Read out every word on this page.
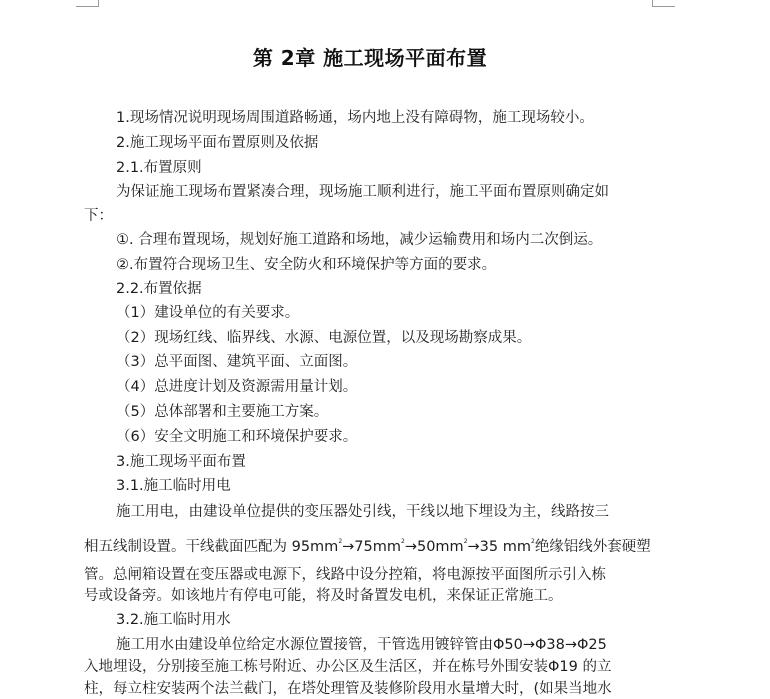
第 2章 施工现场平面布置
1.现场情况说明现场周围道路畅通，场内地上没有障碍物，施工现场较小。
2.施工现场平面布置原则及依据
2.1.布置原则
为保证施工现场布置紧凑合理，现场施工顺利进行，施工平面布置原则确定如
下：
①. 合理布置现场，规划好施工道路和场地，减少运输费用和场内二次倒运。
②.布置符合现场卫生、安全防火和环境保护等方面的要求。
2.2.布置依据
（1）建设单位的有关要求。
（2）现场红线、临界线、水源、电源位置，以及现场勘察成果。
（3）总平面图、建筑平面、立面图。
（4）总进度计划及资源需用量计划。
（5）总体部署和主要施工方案。
（6）安全文明施工和环境保护要求。
3.施工现场平面布置
3.1.施工临时用电
施工用电，由建设单位提供的变压器处引线，干线以地下埋设为主，线路按三
相五线制设置。干线截面匹配为 $95mm^2\to 75mm^2\to 50mm^2\to 35$ $mm^2$绝缘铝线外套硬塑
管。总闸箱设置在变压器或电源下，线路中设分控箱，将电源按平面图所示引入栋
号或设备旁。如该地片有停电可能，将及时备置发电机，来保证正常施工。
3.2.施工临时用水
施工用水由建设单位给定水源位置接管，干管选用镀锌管由Φ50→Φ38→Φ25
入地埋设，分别接至施工栋号附近、办公区及生活区，并在栋号外围安装Φ19 的立
柱，每立柱安装两个法兰截门，在塔处理管及装修阶段用水量增大时，(如果当地水
